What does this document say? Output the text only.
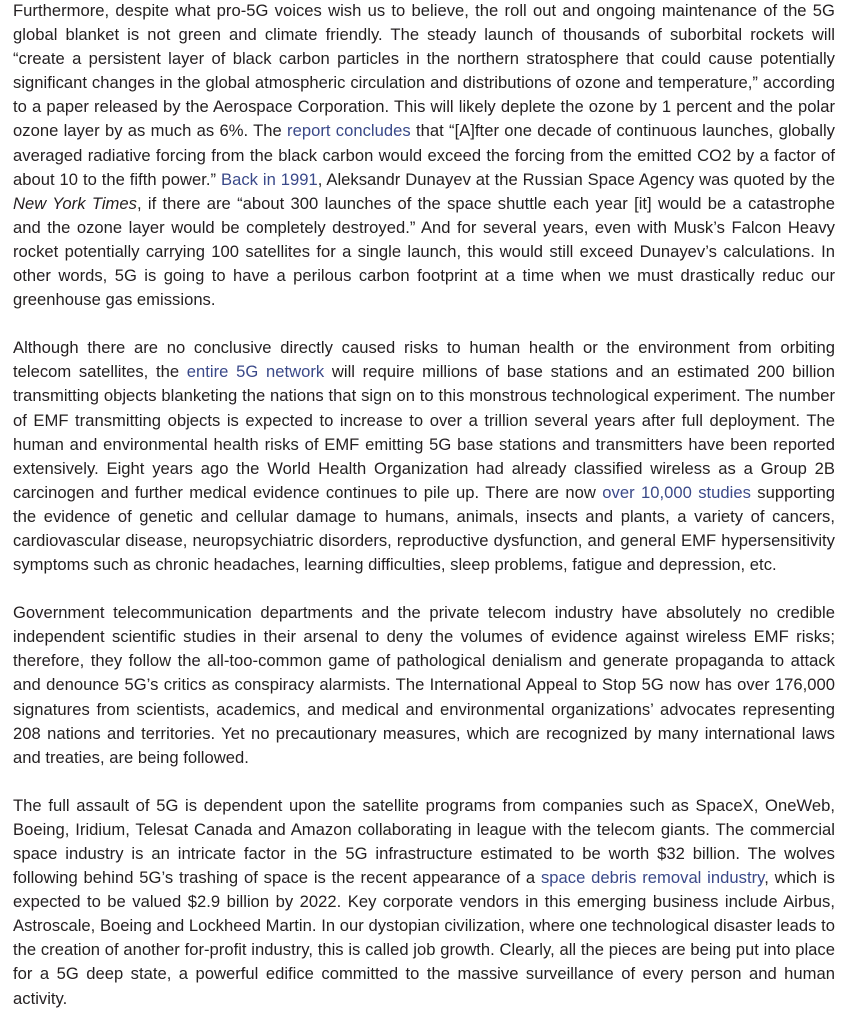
Furthermore, despite what pro-5G voices wish us to believe, the roll out and ongoing maintenance of the 5G global blanket is not green and climate friendly. The steady launch of thousands of suborbital rockets will “create a persistent layer of black carbon particles in the northern stratosphere that could cause potentially significant changes in the global atmospheric circulation and distributions of ozone and temperature,” according to a paper released by the Aerospace Corporation. This will likely deplete the ozone by 1 percent and the polar ozone layer by as much as 6%. The report concludes that “[A]fter one decade of continuous launches, globally averaged radiative forcing from the black carbon would exceed the forcing from the emitted CO2 by a factor of about 10 to the fifth power.” Back in 1991, Aleksandr Dunayev at the Russian Space Agency was quoted by the New York Times, if there are “about 300 launches of the space shuttle each year [it] would be a catastrophe and the ozone layer would be completely destroyed.” And for several years, even with Musk’s Falcon Heavy rocket potentially carrying 100 satellites for a single launch, this would still exceed Dunayev’s calculations. In other words, 5G is going to have a perilous carbon footprint at a time when we must drastically reduc our greenhouse gas emissions.

Although there are no conclusive directly caused risks to human health or the environment from orbiting telecom satellites, the entire 5G network will require millions of base stations and an estimated 200 billion transmitting objects blanketing the nations that sign on to this monstrous technological experiment. The number of EMF transmitting objects is expected to increase to over a trillion several years after full deployment. The human and environmental health risks of EMF emitting 5G base stations and transmitters have been reported extensively. Eight years ago the World Health Organization had already classified wireless as a Group 2B carcinogen and further medical evidence continues to pile up. There are now over 10,000 studies supporting the evidence of genetic and cellular damage to humans, animals, insects and plants, a variety of cancers, cardiovascular disease, neuropsychiatric disorders, reproductive dysfunction, and general EMF hypersensitivity symptoms such as chronic headaches, learning difficulties, sleep problems, fatigue and depression, etc.

Government telecommunication departments and the private telecom industry have absolutely no credible independent scientific studies in their arsenal to deny the volumes of evidence against wireless EMF risks; therefore, they follow the all-too-common game of pathological denialism and generate propaganda to attack and denounce 5G’s critics as conspiracy alarmists. The International Appeal to Stop 5G now has over 176,000 signatures from scientists, academics, and medical and environmental organizations’ advocates representing 208 nations and territories. Yet no precautionary measures, which are recognized by many international laws and treaties, are being followed.

The full assault of 5G is dependent upon the satellite programs from companies such as SpaceX, OneWeb, Boeing, Iridium, Telesat Canada and Amazon collaborating in league with the telecom giants. The commercial space industry is an intricate factor in the 5G infrastructure estimated to be worth $32 billion. The wolves following behind 5G’s trashing of space is the recent appearance of a space debris removal industry, which is expected to be valued $2.9 billion by 2022. Key corporate vendors in this emerging business include Airbus, Astroscale, Boeing and Lockheed Martin. In our dystopian civilization, where one technological disaster leads to the creation of another for-profit industry, this is called job growth. Clearly, all the pieces are being put into place for a 5G deep state, a powerful edifice committed to the massive surveillance of every person and human activity.
